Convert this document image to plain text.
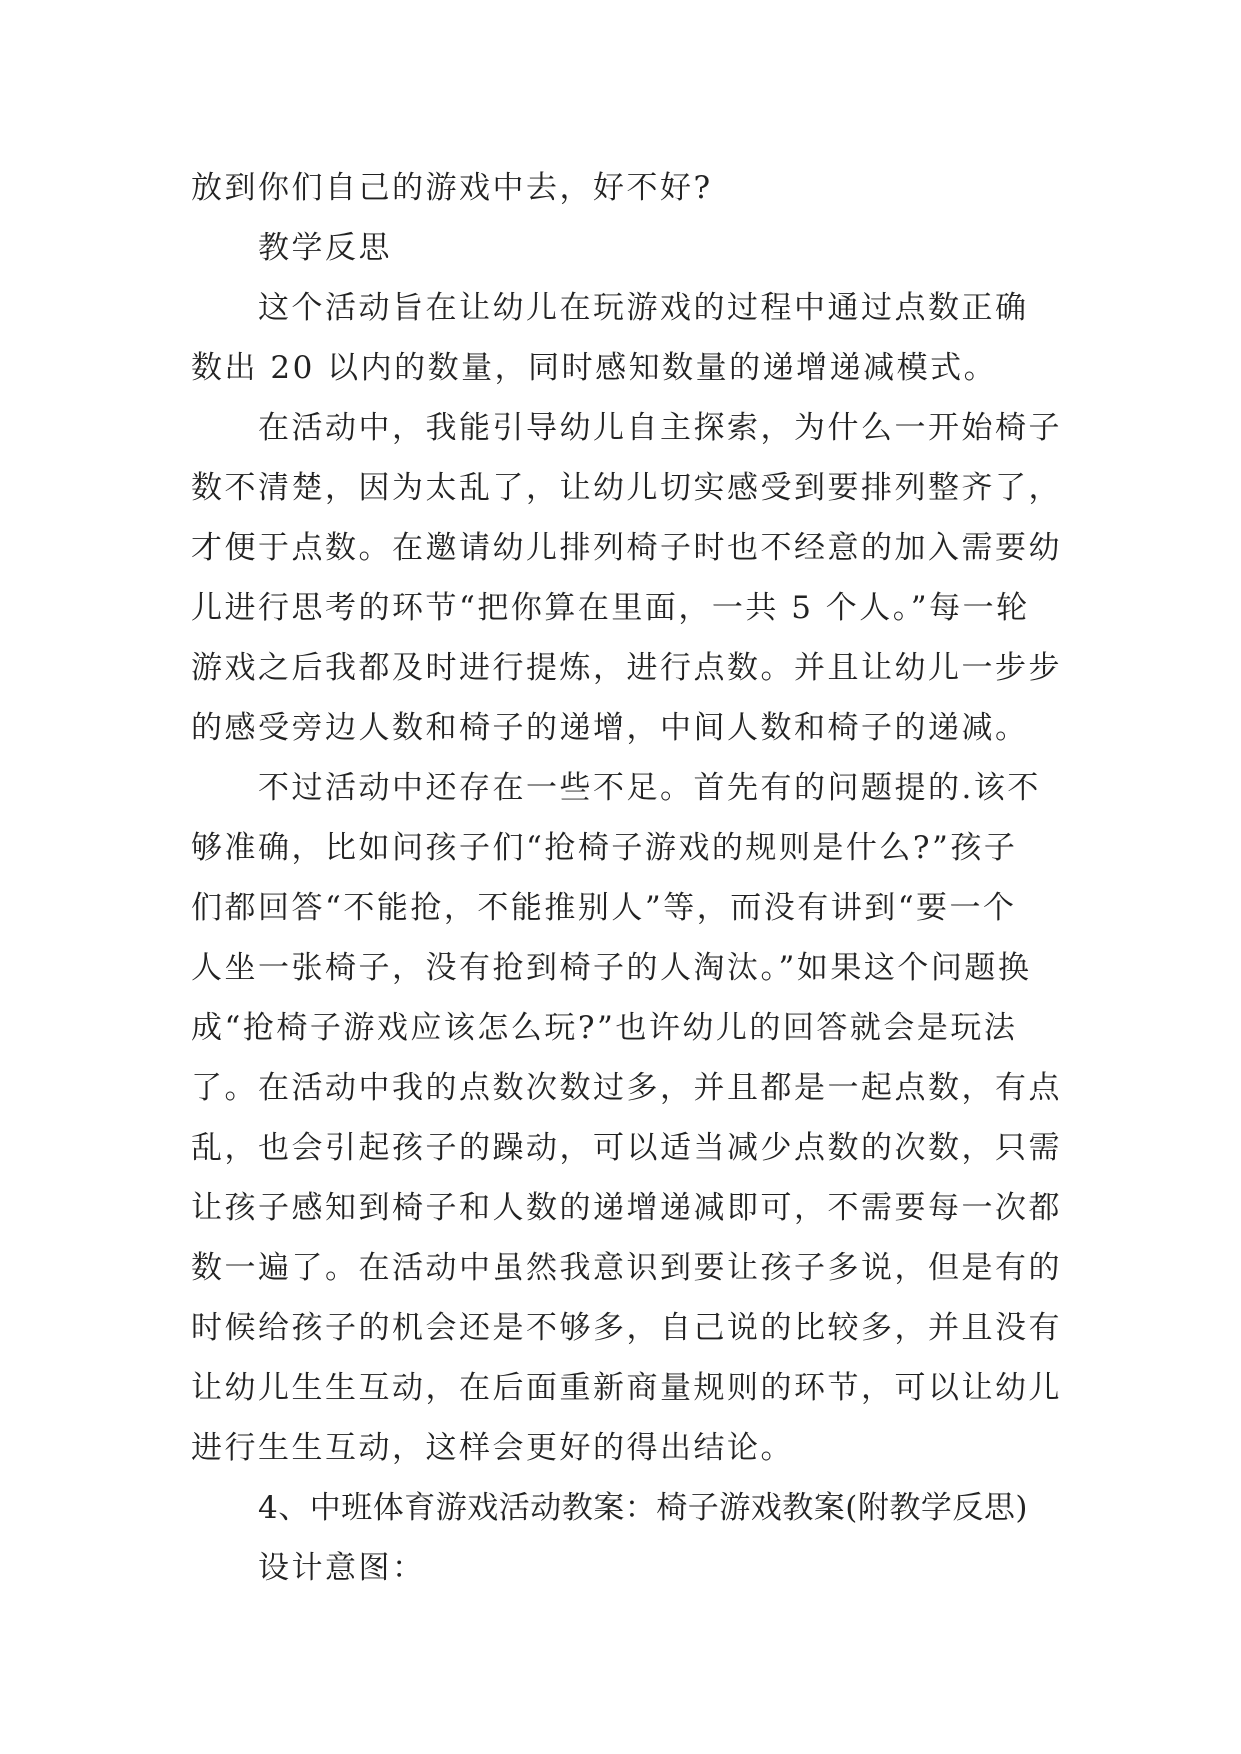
放到你们自己的游戏中去，好不好?
教学反思
这个活动旨在让幼儿在玩游戏的过程中通过点数正确
数出 20 以内的数量，同时感知数量的递增递减模式。
在活动中，我能引导幼儿自主探索，为什么一开始椅子
数不清楚，因为太乱了，让幼儿切实感受到要排列整齐了，
才便于点数。在邀请幼儿排列椅子时也不经意的加入需要幼
儿进行思考的环节“把你算在里面，一共 5 个人。”每一轮
游戏之后我都及时进行提炼，进行点数。并且让幼儿一步步
的感受旁边人数和椅子的递增，中间人数和椅子的递减。
不过活动中还存在一些不足。首先有的问题提的.该不
够准确，比如问孩子们“抢椅子游戏的规则是什么?”孩子
们都回答“不能抢，不能推别人”等，而没有讲到“要一个
人坐一张椅子，没有抢到椅子的人淘汰。”如果这个问题换
成“抢椅子游戏应该怎么玩?”也许幼儿的回答就会是玩法
了。在活动中我的点数次数过多，并且都是一起点数，有点
乱，也会引起孩子的躁动，可以适当减少点数的次数，只需
让孩子感知到椅子和人数的递增递减即可，不需要每一次都
数一遍了。在活动中虽然我意识到要让孩子多说，但是有的
时候给孩子的机会还是不够多，自己说的比较多，并且没有
让幼儿生生互动，在后面重新商量规则的环节，可以让幼儿
进行生生互动，这样会更好的得出结论。
4、中班体育游戏活动教案：椅子游戏教案(附教学反思)
设计意图：
